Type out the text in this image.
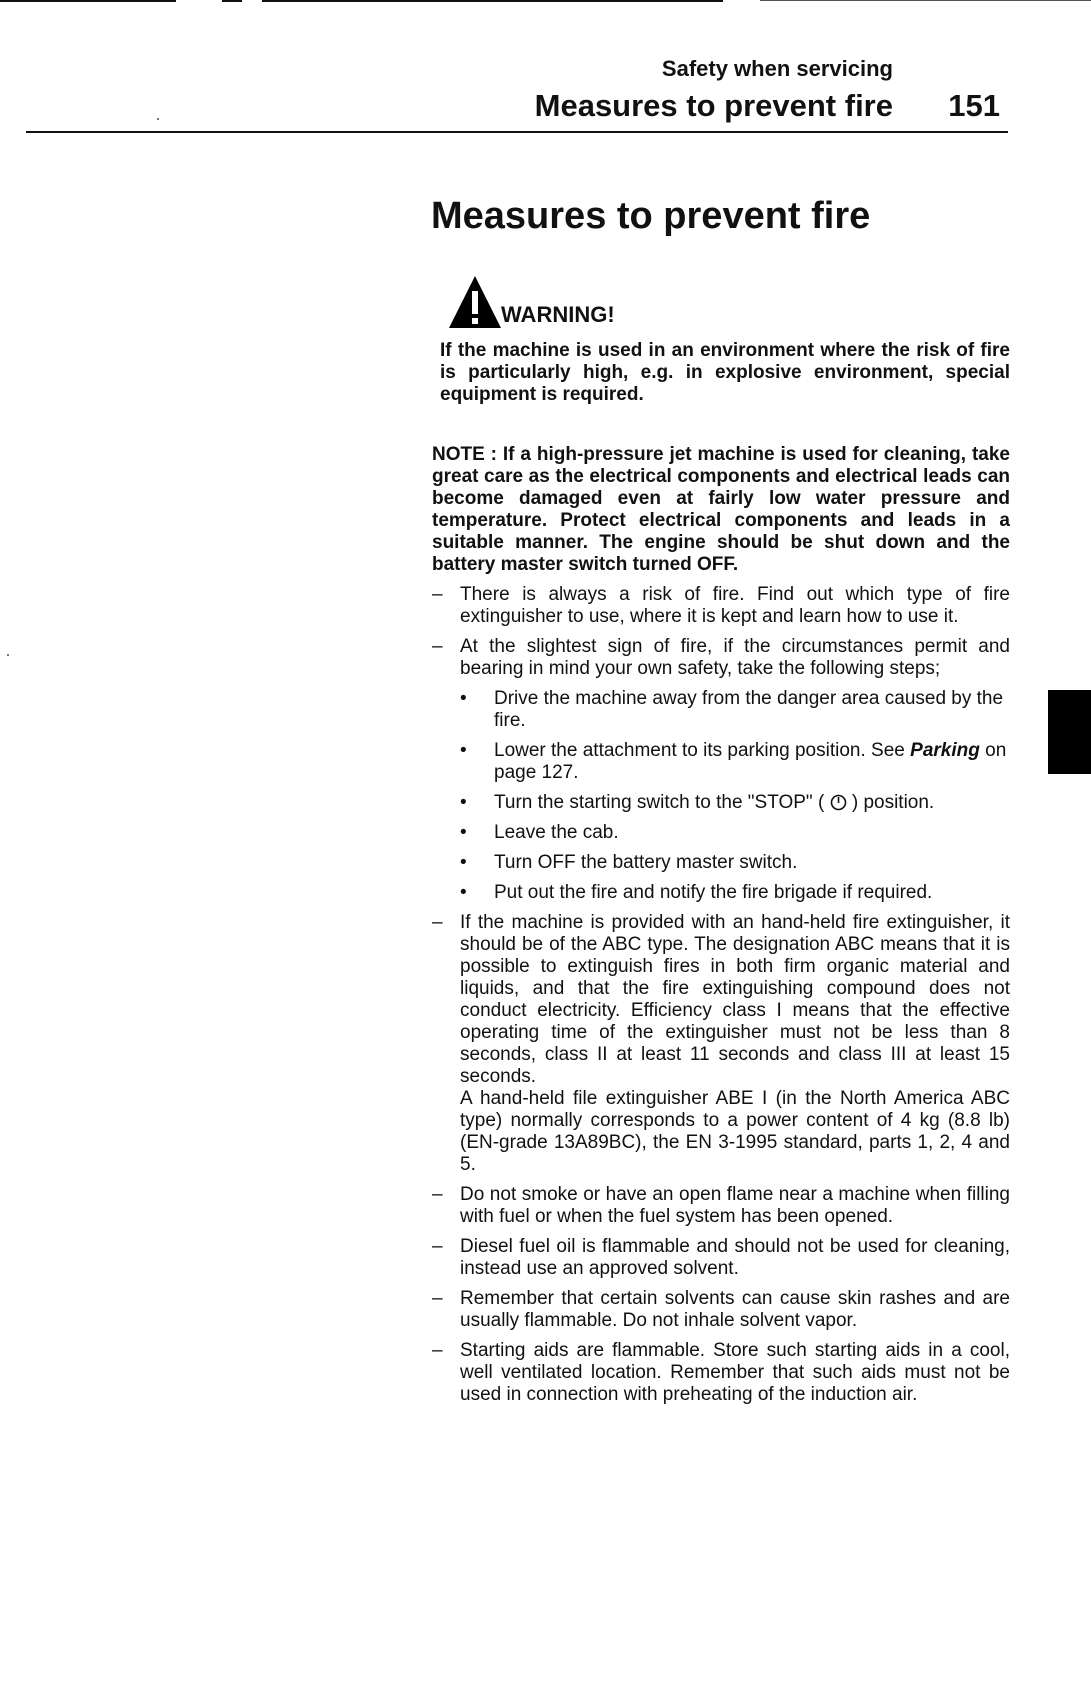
Safety when servicing
Measures to prevent fire 151
Measures to prevent fire
WARNING!

If the machine is used in an environment where the risk of fire is particularly high, e.g. in explosive environment, special equipment is required.

NOTE : If a high-pressure jet machine is used for cleaning, take great care as the electrical components and electrical leads can become damaged even at fairly low water pressure and temperature. Protect electrical components and leads in a suitable manner. The engine should be shut down and the battery master switch turned OFF.

– There is always a risk of fire. Find out which type of fire extinguisher to use, where it is kept and learn how to use it.
– At the slightest sign of fire, if the circumstances permit and bearing in mind your own safety, take the following steps;
• Drive the machine away from the danger area caused by the fire.
• Lower the attachment to its parking position. See Parking on page 127.
• Turn the starting switch to the "STOP" (  ) position.
• Leave the cab.
• Turn OFF the battery master switch.
• Put out the fire and notify the fire brigade if required.
– If the machine is provided with an hand-held fire extinguisher, it should be of the ABC type. The designation ABC means that it is possible to extinguish fires in both firm organic material and liquids, and that the fire extinguishing compound does not conduct electricity. Efficiency class I means that the effective operating time of the extinguisher must not be less than 8 seconds, class II at least 11 seconds and class III at least 15 seconds.
A hand-held file extinguisher ABE I (in the North America ABC type) normally corresponds to a power content of 4 kg (8.8 lb) (EN-grade 13A89BC), the EN 3-1995 standard, parts 1, 2, 4 and 5.
– Do not smoke or have an open flame near a machine when filling with fuel or when the fuel system has been opened.
– Diesel fuel oil is flammable and should not be used for cleaning, instead use an approved solvent.
– Remember that certain solvents can cause skin rashes and are usually flammable. Do not inhale solvent vapor.
– Starting aids are flammable. Store such starting aids in a cool, well ventilated location. Remember that such aids must not be used in connection with preheating of the induction air.
